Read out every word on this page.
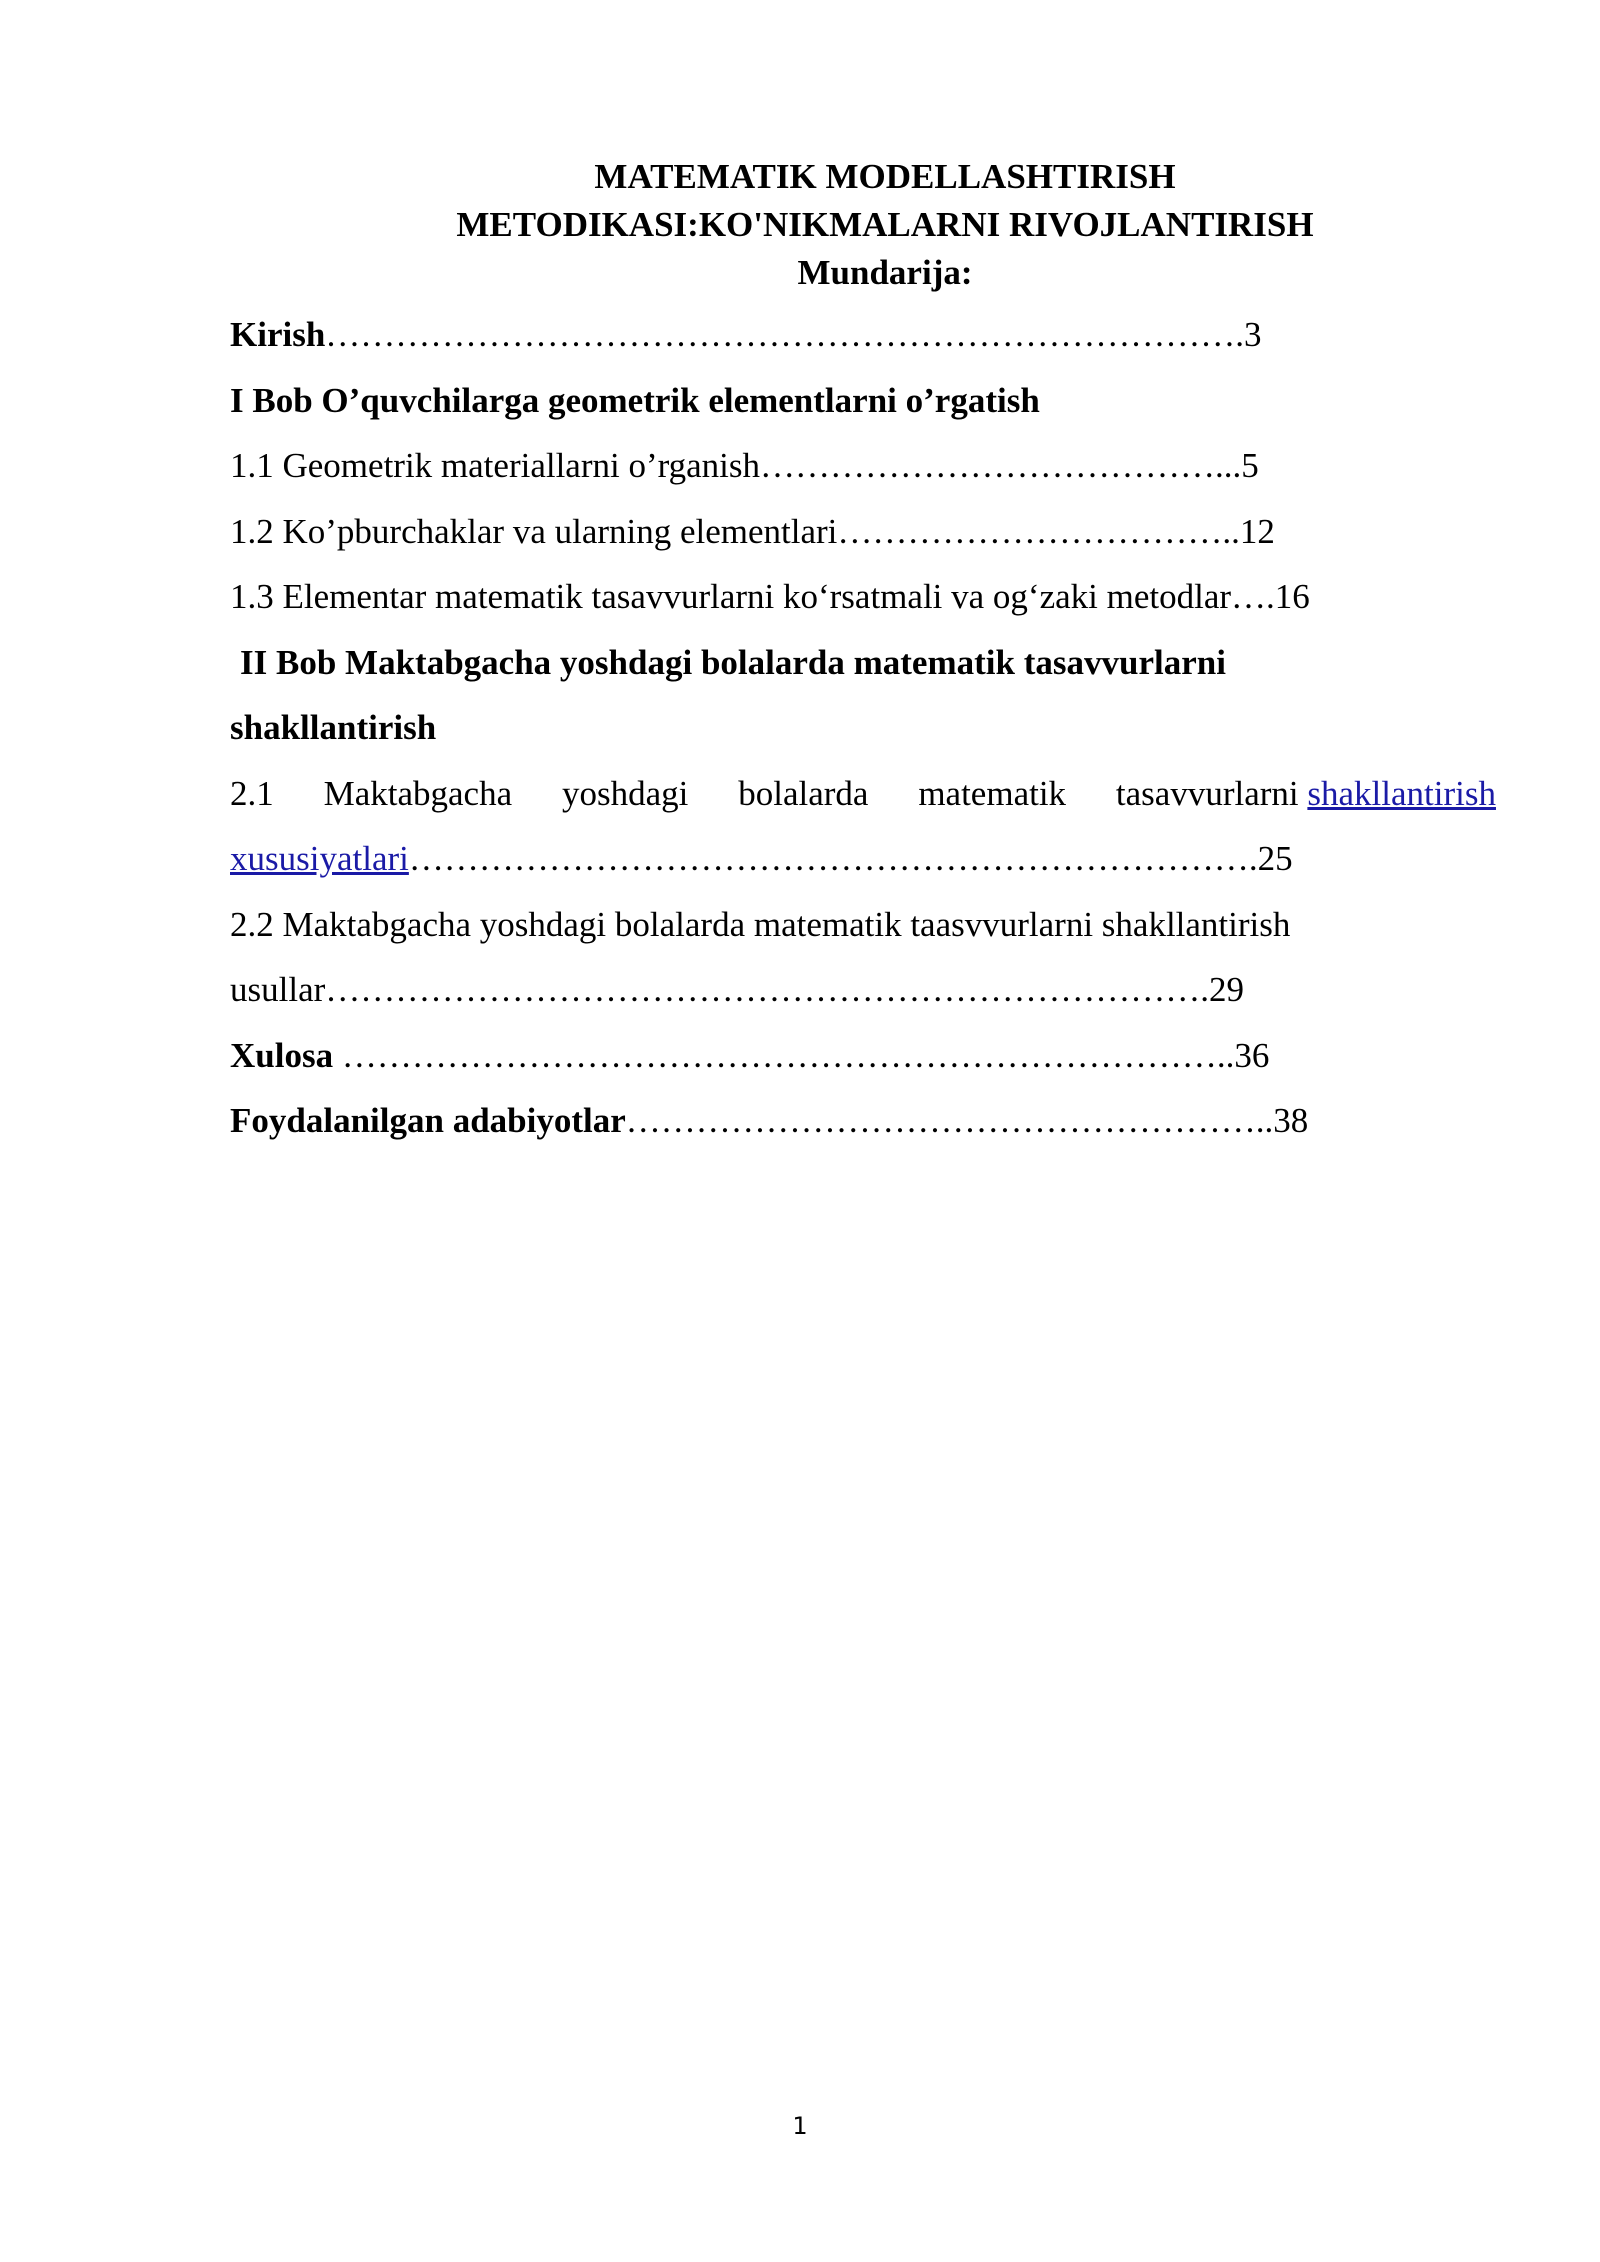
MATEMATIK MODELLASHTIRISH
METODIKASI:KO'NIKMALARNI RIVOJLANTIRISH
Mundarija:
Kirish…………………………………………………………………….3
I Bob O’quvchilarga geometrik elementlarni o’rgatish
1.1 Geometrik materiallarni o’rganish…………………………………...5
1.2 Ko’pburchaklar va ularning elementlari……………………………..12
1.3 Elementar matematik tasavvurlarni ko‘rsatmali va og‘zaki metodlar….16
II Bob Maktabgacha yoshdagi bolalarda matematik tasavvurlarni
shakllantirish
2.1 Maktabgacha yoshdagi bolalarda matematik tasavvurlarni shakllantirish
xususiyatlari……………………………………………………………….25
2.2 Maktabgacha yoshdagi bolalarda matematik taasvvurlarni shakllantirish
usullar………………………………………………………………….29
Xulosa …………………………………………………………………..36
Foydalanilgan adabiyotlar………………………………………………..38
1
